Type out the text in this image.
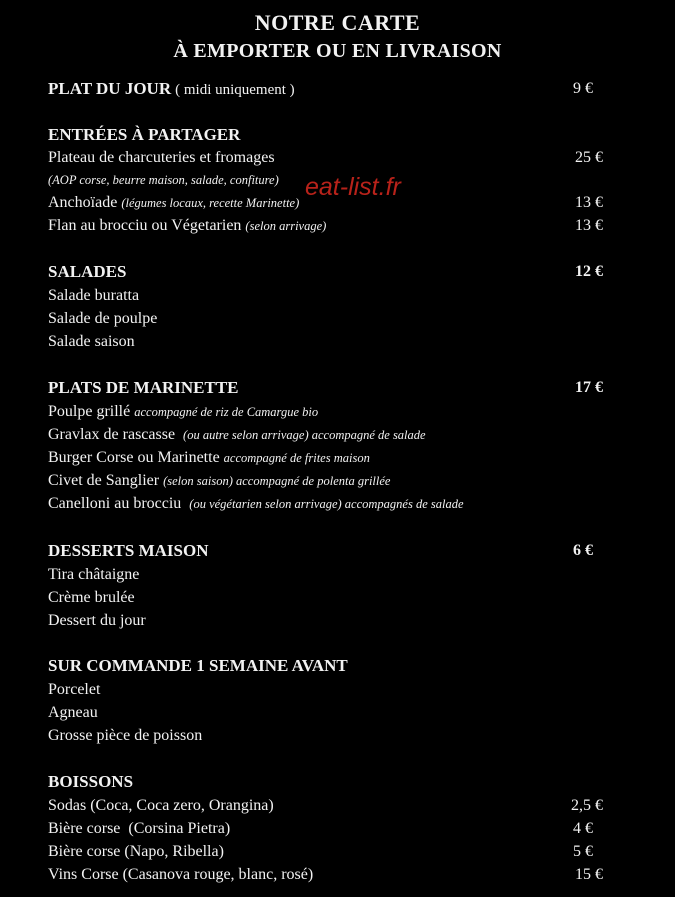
NOTRE CARTE
À EMPORTER OU EN LIVRAISON
PLAT DU JOUR ( midi uniquement )	9 €
ENTRÉES À PARTAGER
Plateau de charcuteries et fromages	25 €
(AOP corse, beurre maison, salade, confiture)
Anchoïade (légumes locaux, recette Marinette)	13 €
Flan au brocciu ou Végetarien (selon arrivage)	13 €
SALADES	12 €
Salade buratta
Salade de poulpe
Salade saison
PLATS DE MARINETTE	17 €
Poulpe grillé accompagné de riz de Camargue bio
Gravlax de rascasse (ou autre selon arrivage) accompagné de salade
Burger Corse ou Marinette accompagné de frites maison
Civet de Sanglier (selon saison) accompagné de polenta grillée
Canelloni au brocciu (ou végétarien selon arrivage) accompagnés de salade
DESSERTS MAISON	6 €
Tira châtaigne
Crème brulée
Dessert du jour
SUR COMMANDE 1 SEMAINE AVANT
Porcelet
Agneau
Grosse pièce de poisson
BOISSONS
Sodas (Coca, Coca zero, Orangina)	2,5 €
Bière corse  (Corsina Pietra)	4 €
Bière corse (Napo, Ribella)	5 €
Vins Corse (Casanova rouge, blanc, rosé)	15 €
eat-list.fr
